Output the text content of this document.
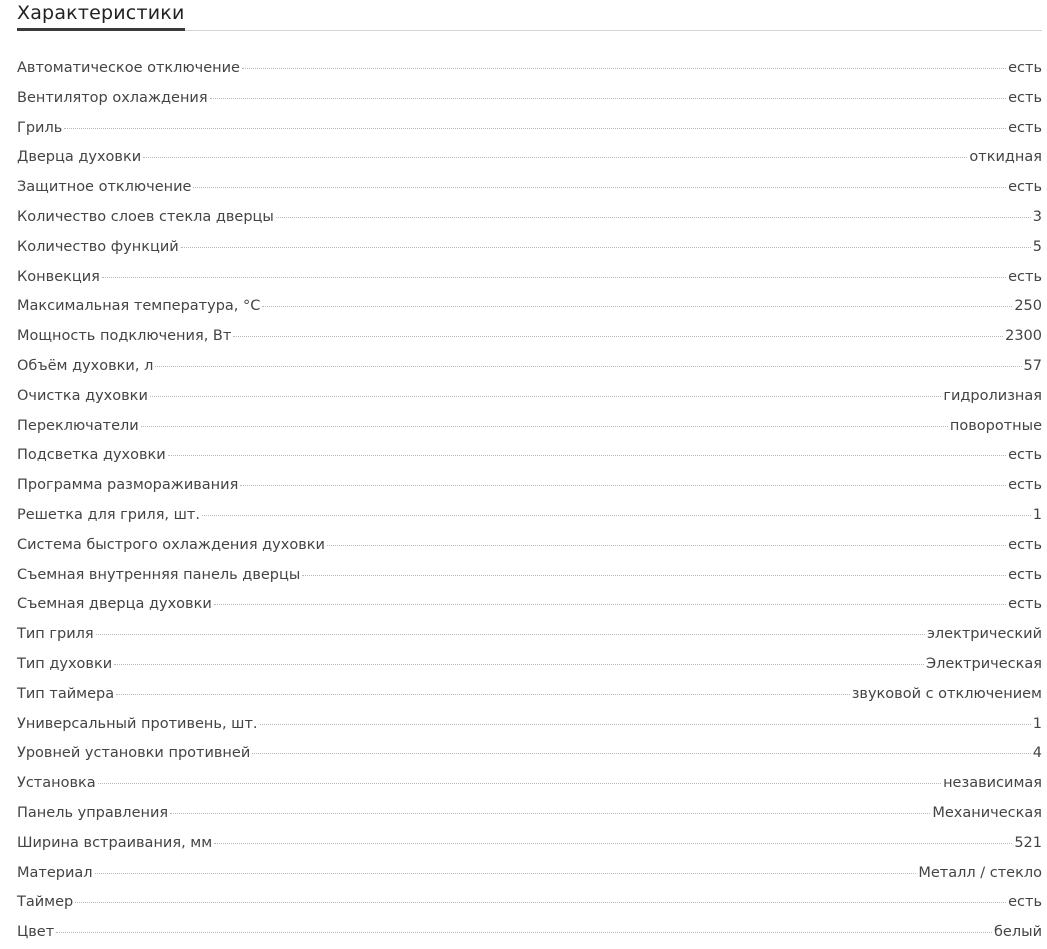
Характеристики
Автоматическое отключение	есть
Вентилятор охлаждения	есть
Гриль	есть
Дверца духовки	откидная
Защитное отключение	есть
Количество слоев стекла дверцы	3
Количество функций	5
Конвекция	есть
Максимальная температура, °С	250
Мощность подключения, Вт	2300
Объём духовки, л	57
Очистка духовки	гидролизная
Переключатели	поворотные
Подсветка духовки	есть
Программа размораживания	есть
Решетка для гриля, шт.	1
Система быстрого охлаждения духовки	есть
Съемная внутренняя панель дверцы	есть
Съемная дверца духовки	есть
Тип гриля	электрический
Тип духовки	Электрическая
Тип таймера	звуковой с отключением
Универсальный противень, шт.	1
Уровней установки противней	4
Установка	независимая
Панель управления	Механическая
Ширина встраивания, мм	521
Материал	Металл / стекло
Таймер	есть
Цвет	белый
